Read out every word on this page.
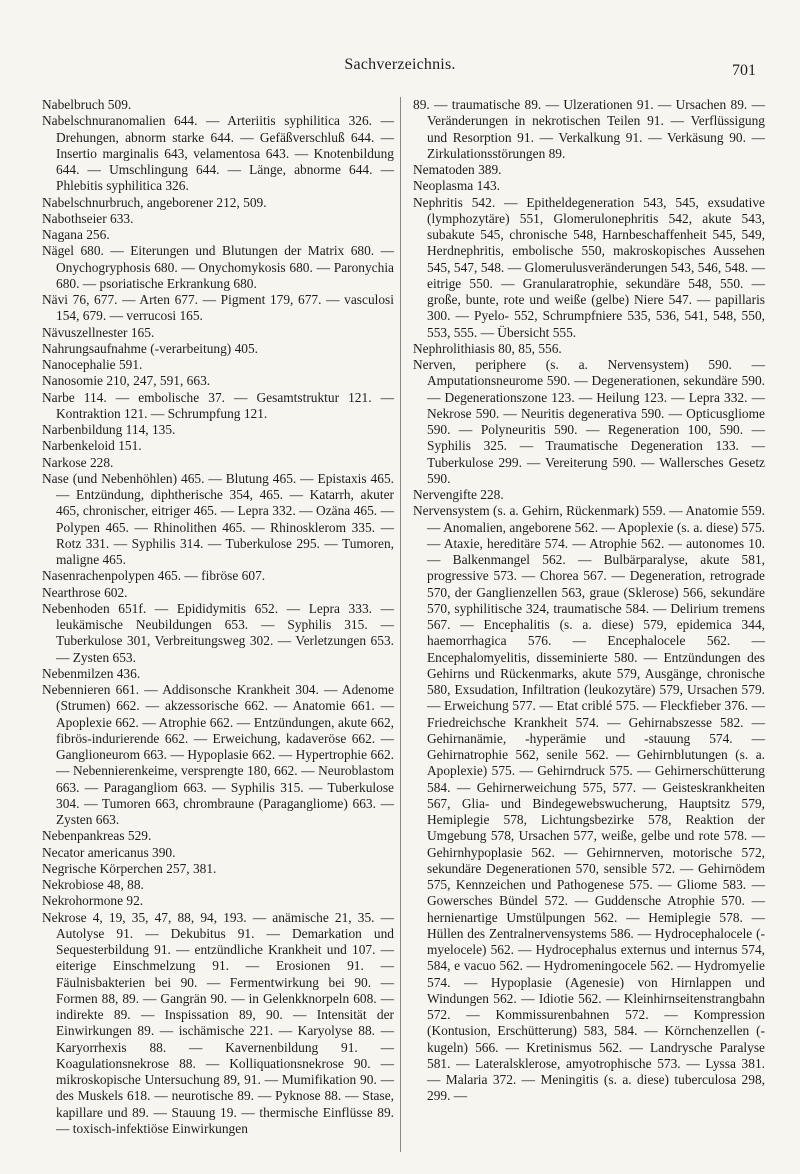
Sachverzeichnis.	701

Nabelbruch 509.

Nabelschnuranomalien 644. — Arteriitis syphilitica 326. — Drehungen, abnorm starke 644. — Gefäßverschluß 644. — Insertio marginalis 643, velamentosa 643. — Knotenbildung 644. — Umschlingung 644. — Länge, abnorme 644. — Phlebitis syphilitica 326.

Nabelschnurbruch, angeborener 212, 509.

Nabothseier 633.

Nagana 256.

Nägel 680. — Eiterungen und Blutungen der Matrix 680. — Onychogryphosis 680. — Onychomykosis 680. — Paronychia 680. — psoriatische Erkrankung 680.

Nävi 76, 677. — Arten 677. — Pigment 179, 677. — vasculosi 154, 679. — verrucosi 165.

Nävuszellnester 165.

Nahrungsaufnahme (-verarbeitung) 405.

Nanocephalie 591.

Nanosomie 210, 247, 591, 663.

Narbe 114. — embolische 37. — Gesamtstruktur 121. — Kontraktion 121. — Schrumpfung 121.

Narbenbildung 114, 135.

Narbenkeloid 151.

Narkose 228.

Nase (und Nebenhöhlen) 465. — Blutung 465. — Epistaxis 465. — Entzündung, diphtherische 354, 465. — Katarrh, akuter 465, chronischer, eitriger 465. — Lepra 332. — Ozäna 465. — Polypen 465. — Rhinolithen 465. — Rhinosklerom 335. — Rotz 331. — Syphilis 314. — Tuberkulose 295. — Tumoren, maligne 465.

Nasenrachenpolypen 465. — fibröse 607.

Nearthrose 602.

Nebenhoden 651f. — Epididymitis 652. — Lepra 333. — leukämische Neubildungen 653. — Syphilis 315. — Tuberkulose 301, Verbreitungsweg 302. — Verletzungen 653. — Zysten 653.

Nebenmilzen 436.

Nebennieren 661. — Addisonsche Krankheit 304. — Adenome (Strumen) 662. — akzessorische 662. — Anatomie 661. — Apoplexie 662. — Atrophie 662. — Entzündungen, akute 662, fibrös-indurierende 662. — Erweichung, kadaveröse 662. — Ganglioneurom 663. — Hypoplasie 662. — Hypertrophie 662. — Nebennierenkeime, versprengte 180, 662. — Neuroblastom 663. — Paragangliom 663. — Syphilis 315. — Tuberkulose 304. — Tumoren 663, chrombraune (Paragangliome) 663. — Zysten 663.

Nebenpankreas 529.

Necator americanus 390.

Negrische Körperchen 257, 381.

Nekrobiose 48, 88.

Nekrohormone 92.

Nekrose 4, 19, 35, 47, 88, 94, 193. — anämische 21, 35. — Autolyse 91. — Dekubitus 91. — Demarkation und Sequesterbildung 91. — entzündliche Krankheit und 107. — eiterige Einschmelzung 91. — Erosionen 91. — Fäulnisbakterien bei 90. — Fermentwirkung bei 90. — Formen 88, 89. — Gangrän 90. — in Gelenkknorpeln 608. — indirekte 89. — Inspissation 89, 90. — Intensität der Einwirkungen 89. — ischämische 221. — Karyolyse 88. — Karyorrhexis 88. — Kavernenbildung 91. — Koagulationsnekrose 88. — Kolliquationsnekrose 90. — mikroskopische Untersuchung 89, 91. — Mumifikation 90. — des Muskels 618. — neurotische 89. — Pyknose 88. — Stase, kapillare und 89. — Stauung 19. — thermische Einflüsse 89. — toxisch-infektiöse Einwirkungen

89. — traumatische 89. — Ulzerationen 91. — Ursachen 89. — Veränderungen in nekrotischen Teilen 91. — Verflüssigung und Resorption 91. — Verkalkung 91. — Verkäsung 90. — Zirkulationsstörungen 89.

Nematoden 389.

Neoplasma 143.

Nephritis 542. — Epitheldegeneration 543, 545, exsudative (lymphozytäre) 551, Glomerulonephritis 542, akute 543, subakute 545, chronische 548, Harnbeschaffenheit 545, 549, Herdnephritis, embolische 550, makroskopisches Aussehen 545, 547, 548. — Glomerulusveränderungen 543, 546, 548. — eitrige 550. — Granularatrophie, sekundäre 548, 550. — große, bunte, rote und weiße (gelbe) Niere 547. — papillaris 300. — Pyelo- 552, Schrumpfniere 535, 536, 541, 548, 550, 553, 555. — Übersicht 555.

Nephrolithiasis 80, 85, 556.

Nerven, periphere (s. a. Nervensystem) 590. — Amputationsneurome 590. — Degenerationen, sekundäre 590. — Degenerationszone 123. — Heilung 123. — Lepra 332. — Nekrose 590. — Neuritis degenerativa 590. — Opticusgliome 590. — Polyneuritis 590. — Regeneration 100, 590. — Syphilis 325. — Traumatische Degeneration 133. — Tuberkulose 299. — Vereiterung 590. — Wallersches Gesetz 590.

Nervengifte 228.

Nervensystem (s. a. Gehirn, Rückenmark) 559. — Anatomie 559. — Anomalien, angeborene 562. — Apoplexie (s. a. diese) 575. — Ataxie, hereditäre 574. — Atrophie 562. — autonomes 10. — Balkenmangel 562. — Bulbärparalyse, akute 581, progressive 573. — Chorea 567. — Degeneration, retrograde 570, der Ganglienzellen 563, graue (Sklerose) 566, sekundäre 570, syphilitische 324, traumatische 584. — Delirium tremens 567. — Encephalitis (s. a. diese) 579, epidemica 344, haemorrhagica 576. — Encephalocele 562. — Encephalomyelitis, disseminierte 580. — Entzündungen des Gehirns und Rückenmarks, akute 579, Ausgänge, chronische 580, Exsudation, Infiltration (leukozytäre) 579, Ursachen 579. — Erweichung 577. — Etat criblé 575. — Fleckfieber 376. — Friedreichsche Krankheit 574. — Gehirnabszesse 582. — Gehirnanämie, -hyperämie und -stauung 574. — Gehirnatrophie 562, senile 562. — Gehirnblutungen (s. a. Apoplexie) 575. — Gehirndruck 575. — Gehirnerschütterung 584. — Gehirnerweichung 575, 577. — Geisteskrankheiten 567, Glia- und Bindegewebswucherung, Hauptsitz 579, Hemiplegie 578, Lichtungsbezirke 578, Reaktion der Umgebung 578, Ursachen 577, weiße, gelbe und rote 578. — Gehirnhypoplasie 562. — Gehirnnerven, motorische 572, sekundäre Degenerationen 570, sensible 572. — Gehirnödem 575, Kennzeichen und Pathogenese 575. — Gliome 583. — Gowersches Bündel 572. — Guddensche Atrophie 570. — hernienartige Umstülpungen 562. — Hemiplegie 578. — Hüllen des Zentralnervensystems 586. — Hydrocephalocele (-myelocele) 562. — Hydrocephalus externus und internus 574, 584, e vacuo 562. — Hydromeningocele 562. — Hydromyelie 574. — Hypoplasie (Agenesie) von Hirnlappen und Windungen 562. — Idiotie 562. — Kleinhirnseitenstrangbahn 572. — Kommissurenbahnen 572. — Kompression (Kontusion, Erschütterung) 583, 584. — Körnchenzellen (-kugeln) 566. — Kretinismus 562. — Landrysche Paralyse 581. — Lateralsklerose, amyotrophische 573. — Lyssa 381. — Malaria 372. — Meningitis (s. a. diese) tuberculosa 298, 299. —
